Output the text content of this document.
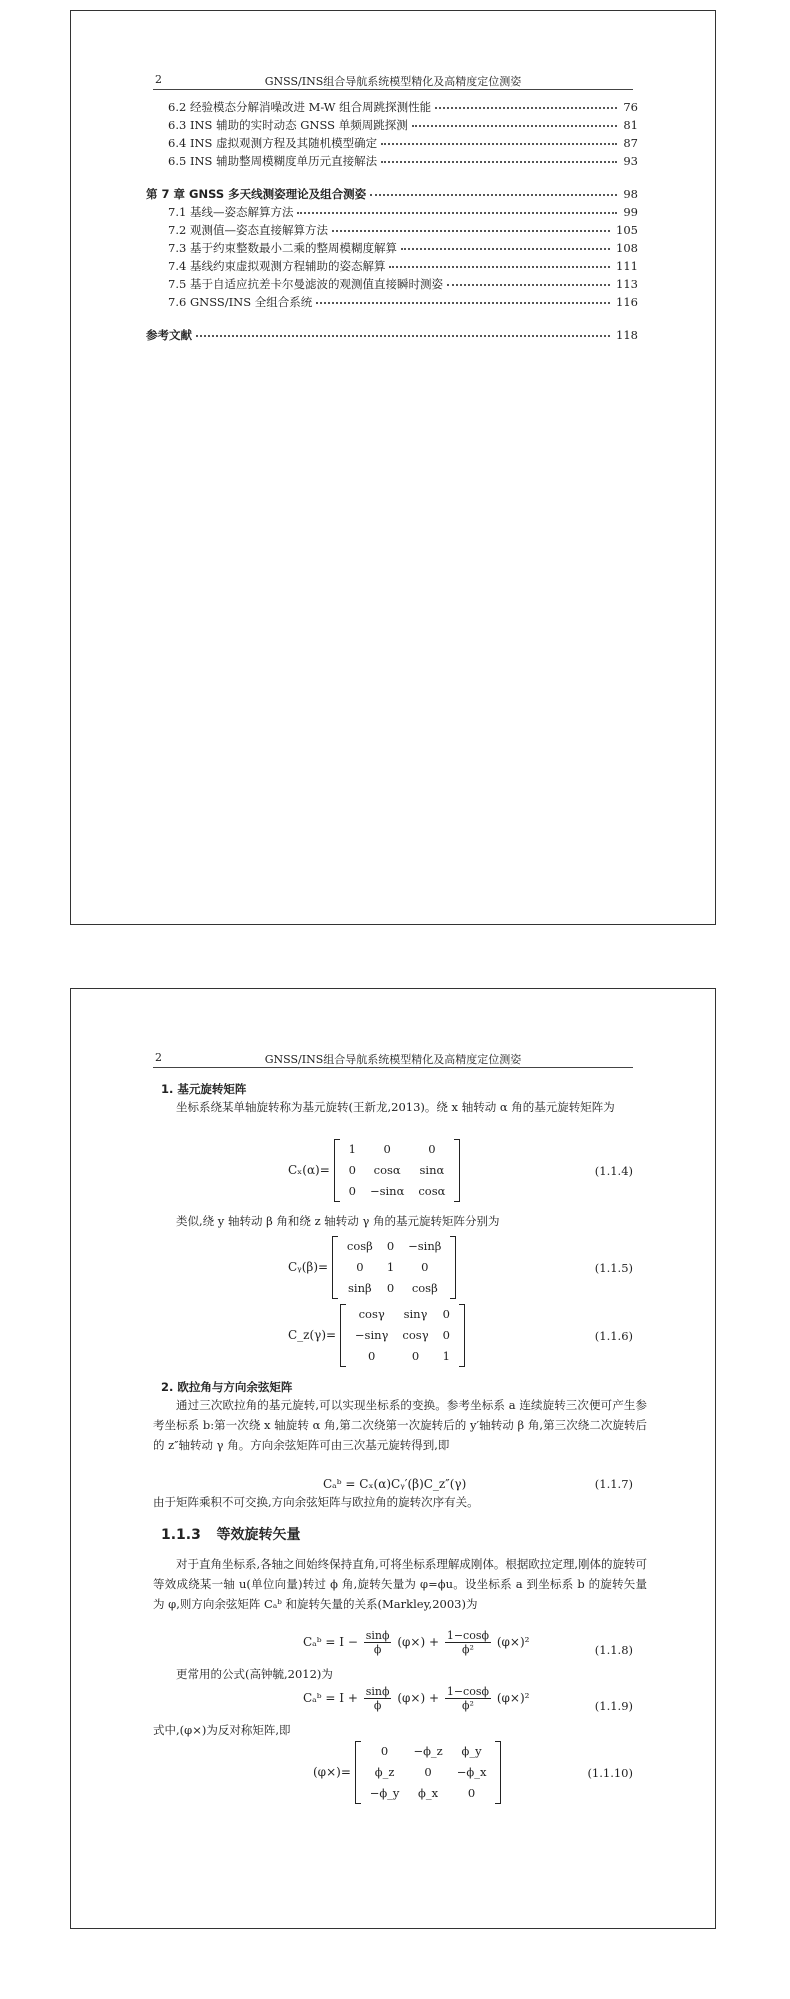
2	GNSS/INS组合导航系统模型精化及高精度定位测姿
6.2 经验模态分解消噪改进 M-W 组合周跳探测性能	76
6.3 INS 辅助的实时动态 GNSS 单频周跳探测	81
6.4 INS 虚拟观测方程及其随机模型确定	87
6.5 INS 辅助整周模糊度单历元直接解法	93
第 7 章 GNSS 多天线测姿理论及组合测姿	98
7.1 基线—姿态解算方法	99
7.2 观测值—姿态直接解算方法	105
7.3 基于约束整数最小二乘的整周模糊度解算	108
7.4 基线约束虚拟观测方程辅助的姿态解算	111
7.5 基于自适应抗差卡尔曼滤波的观测值直接瞬时测姿	113
7.6 GNSS/INS 全组合系统	116
参考文献	118
2	GNSS/INS组合导航系统模型精化及高精度定位测姿
1. 基元旋转矩阵

坐标系绕某单轴旋转称为基元旋转(王新龙,2013)。绕 x 轴转动 α 角的基元旋转矩阵为

Cₓ(α)=
1	0	0
0	cosα	sinα
0	−sinα	cosα
(1.1.4)

类似,绕 y 轴转动 β 角和绕 z 轴转动 γ 角的基元旋转矩阵分别为

Cᵧ(β)=
cosβ	0	−sinβ
0	1	0
sinβ	0	cosβ
(1.1.5)
C_z(γ)=
cosγ	sinγ	0
−sinγ	cosγ	0
0	0	1
(1.1.6)
2. 欧拉角与方向余弦矩阵

通过三次欧拉角的基元旋转,可以实现坐标系的变换。参考坐标系 a 连续旋转三次便可产生参考坐标系 b:第一次绕 x 轴旋转 α 角,第二次绕第一次旋转后的 y′轴转动 β 角,第三次绕二次旋转后的 z″轴转动 γ 角。方向余弦矩阵可由三次基元旋转得到,即

Cₐᵇ = Cₓ(α)Cᵧ′(β)C_z″(γ)	(1.1.7)

由于矩阵乘积不可交换,方向余弦矩阵与欧拉角的旋转次序有关。

1.1.3 等效旋转矢量

对于直角坐标系,各轴之间始终保持直角,可将坐标系理解成刚体。根据欧拉定理,刚体的旋转可等效成绕某一轴 u(单位向量)转过 ϕ 角,旋转矢量为 φ=ϕu。设坐标系 a 到坐标系 b 的旋转矢量为 φ,则方向余弦矩阵 Cₐᵇ 和旋转矢量的关系(Markley,2003)为

Cₐᵇ = $I - \frac{\sin\phi}{\phi} (\varphi\times) + \frac{1-\cos\phi}{\text{ϕ²}} (\varphi\times)^2$
(1.1.8)

更常用的公式(高钟毓,2012)为

Cₐᵇ = $I + \frac{\sin\phi}{\phi} (\varphi\times) + \frac{1-\cos\phi}{\text{ϕ²}} (\varphi\times)^2$
(1.1.9)

式中,(φ×)为反对称矩阵,即

(φ×)=
0	−ϕ_z	ϕ_y
ϕ_z	0	−ϕ_x
−ϕ_y	ϕ_x	0
(1.1.10)
